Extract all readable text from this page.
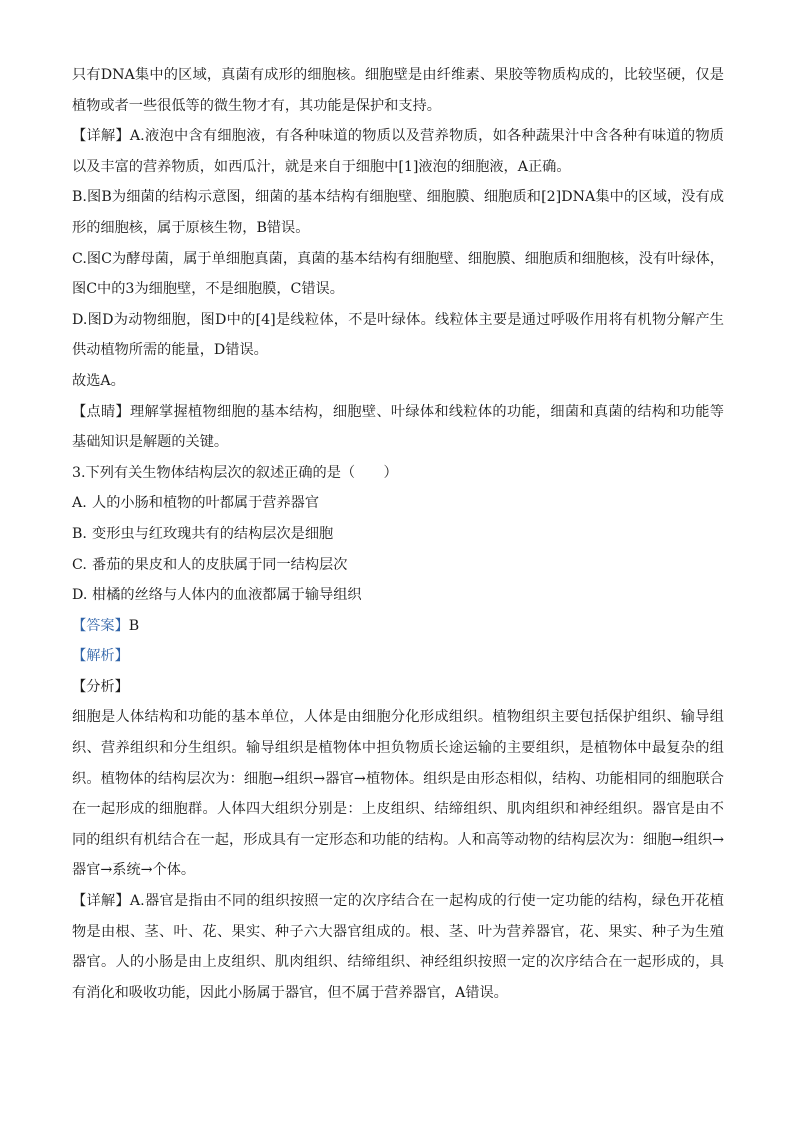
只有DNA集中的区域，真菌有成形的细胞核。细胞壁是由纤维素、果胶等物质构成的，比较坚硬，仅是植物或者一些很低等的微生物才有，其功能是保护和支持。

【详解】A.液泡中含有细胞液，有各种味道的物质以及营养物质，如各种蔬果汁中含各种有味道的物质以及丰富的营养物质，如西瓜汁，就是来自于细胞中[1]液泡的细胞液，A正确。

B.图B为细菌的结构示意图，细菌的基本结构有细胞壁、细胞膜、细胞质和[2]DNA集中的区域，没有成形的细胞核，属于原核生物，B错误。

C.图C为酵母菌，属于单细胞真菌，真菌的基本结构有细胞壁、细胞膜、细胞质和细胞核，没有叶绿体，图C中的3为细胞壁，不是细胞膜，C错误。

D.图D为动物细胞，图D中的[4]是线粒体，不是叶绿体。线粒体主要是通过呼吸作用将有机物分解产生供动植物所需的能量，D错误。

故选A。

【点睛】理解掌握植物细胞的基本结构，细胞壁、叶绿体和线粒体的功能，细菌和真菌的结构和功能等基础知识是解题的关键。

3.下列有关生物体结构层次的叙述正确的是（　　）

A. 人的小肠和植物的叶都属于营养器官

B. 变形虫与红玫瑰共有的结构层次是细胞

C. 番茄的果皮和人的皮肤属于同一结构层次

D. 柑橘的丝络与人体内的血液都属于输导组织

【答案】B

【解析】

【分析】

细胞是人体结构和功能的基本单位，人体是由细胞分化形成组织。植物组织主要包括保护组织、输导组织、营养组织和分生组织。输导组织是植物体中担负物质长途运输的主要组织，是植物体中最复杂的组织。植物体的结构层次为：细胞→组织→器官→植物体。组织是由形态相似，结构、功能相同的细胞联合在一起形成的细胞群。人体四大组织分别是：上皮组织、结缔组织、肌肉组织和神经组织。器官是由不同的组织有机结合在一起，形成具有一定形态和功能的结构。人和高等动物的结构层次为：细胞→组织→器官→系统→个体。

【详解】A.器官是指由不同的组织按照一定的次序结合在一起构成的行使一定功能的结构，绿色开花植物是由根、茎、叶、花、果实、种子六大器官组成的。根、茎、叶为营养器官，花、果实、种子为生殖器官。人的小肠是由上皮组织、肌肉组织、结缔组织、神经组织按照一定的次序结合在一起形成的，具有消化和吸收功能，因此小肠属于器官，但不属于营养器官，A错误。
